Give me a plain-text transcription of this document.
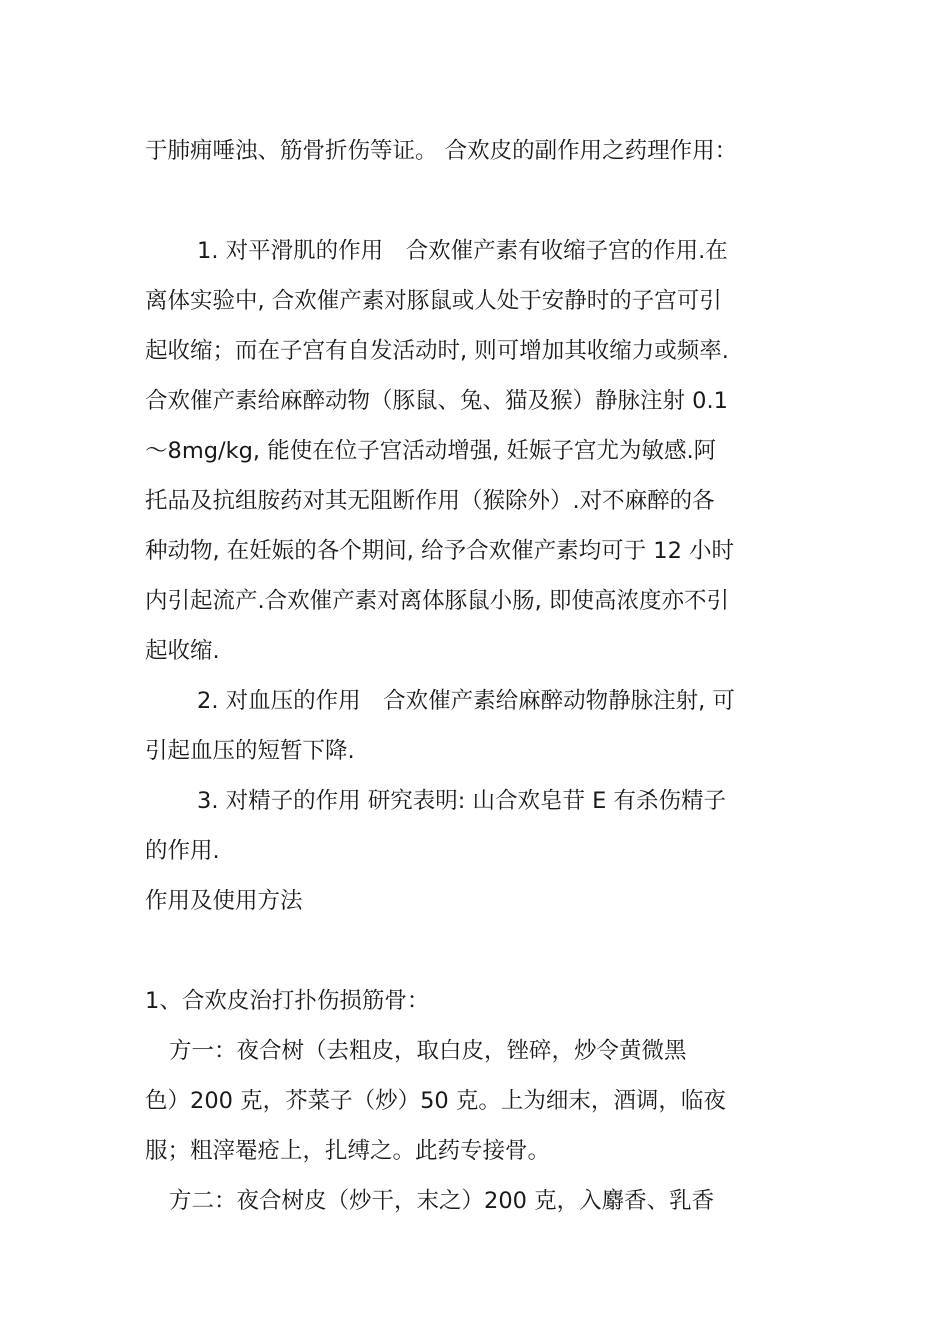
于肺痈唾浊、筋骨折伤等证。 合欢皮的副作用之药理作用：
1. 对平滑肌的作用　合欢催产素有收缩子宫的作用.在
离体实验中, 合欢催产素对豚鼠或人处于安静时的子宫可引
起收缩；而在子宫有自发活动时, 则可增加其收缩力或频率.
合欢催产素给麻醉动物（豚鼠、兔、猫及猴）静脉注射 0.1
～8mg/kg, 能使在位子宫活动增强, 妊娠子宫尤为敏感.阿
托品及抗组胺药对其无阻断作用（猴除外）.对不麻醉的各
种动物, 在妊娠的各个期间, 给予合欢催产素均可于 12 小时
内引起流产.合欢催产素对离体豚鼠小肠, 即使高浓度亦不引
起收缩.
2. 对血压的作用　合欢催产素给麻醉动物静脉注射, 可
引起血压的短暂下降.
3. 对精子的作用 研究表明: 山合欢皂苷 E 有杀伤精子
的作用.
作用及使用方法
1、合欢皮治打扑伤损筋骨：
方一：夜合树（去粗皮，取白皮，锉碎，炒令黄微黑
色）200 克，芥菜子（炒）50 克。上为细末，酒调，临夜
服；粗滓罨疮上，扎缚之。此药专接骨。
方二：夜合树皮（炒干，末之）200 克，入麝香、乳香
